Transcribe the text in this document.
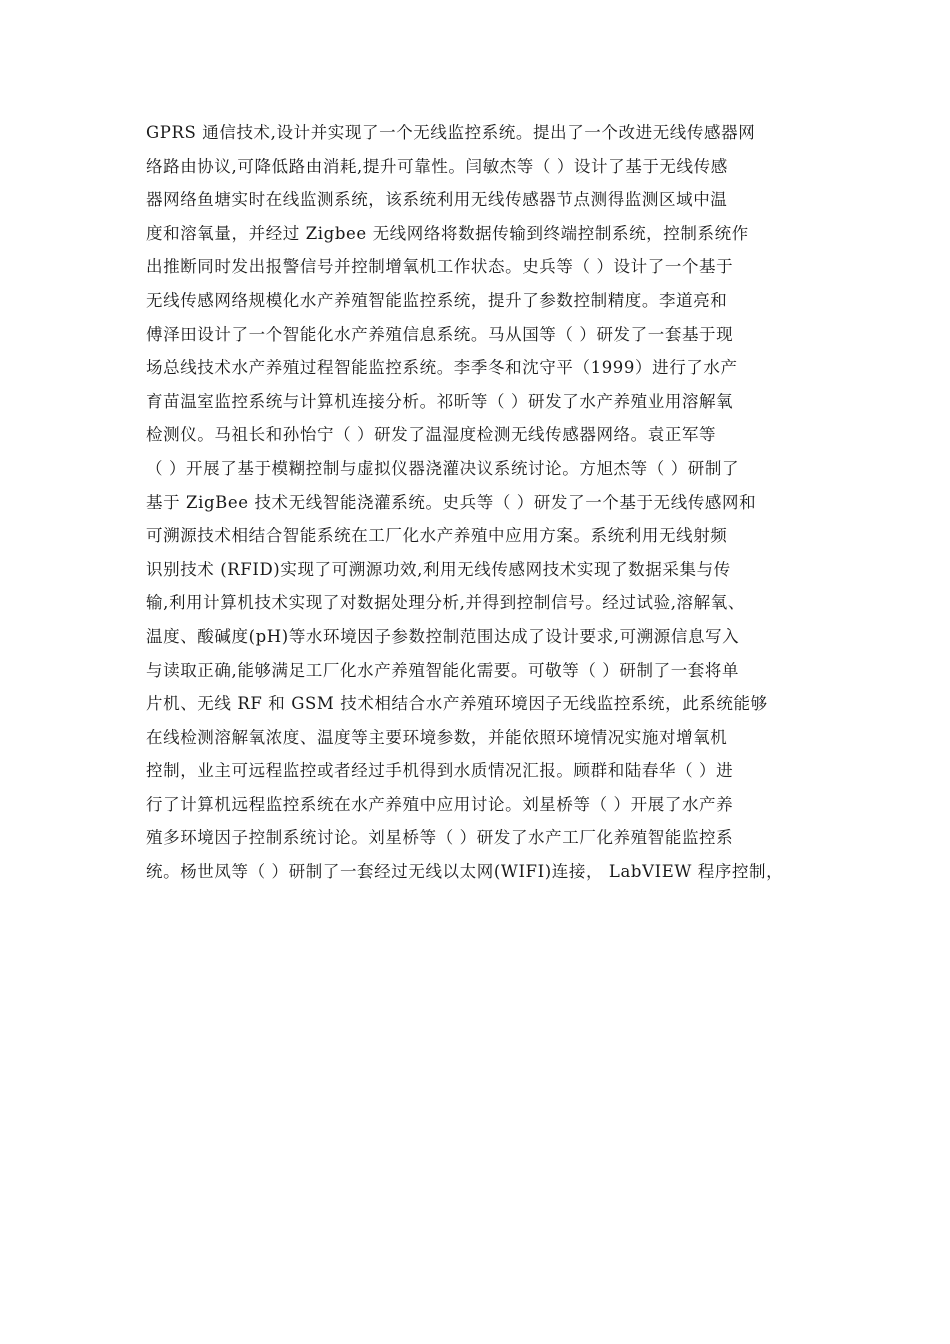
GPRS 通信技术,设计并实现了一个无线监控系统。提出了一个改进无线传感器网
络路由协议,可降低路由消耗,提升可靠性。闫敏杰等（ ）设计了基于无线传感
器网络鱼塘实时在线监测系统，该系统利用无线传感器节点测得监测区域中温
度和溶氧量，并经过 Zigbee 无线网络将数据传输到终端控制系统，控制系统作
出推断同时发出报警信号并控制增氧机工作状态。史兵等（ ）设计了一个基于
无线传感网络规模化水产养殖智能监控系统，提升了参数控制精度。李道亮和
傅泽田设计了一个智能化水产养殖信息系统。马从国等（ ）研发了一套基于现
场总线技术水产养殖过程智能监控系统。李季冬和沈守平（1999）进行了水产
育苗温室监控系统与计算机连接分析。祁昕等（ ）研发了水产养殖业用溶解氧
检测仪。马祖长和孙怡宁（ ）研发了温湿度检测无线传感器网络。袁正军等
（ ）开展了基于模糊控制与虚拟仪器浇灌决议系统讨论。方旭杰等（ ）研制了
基于 ZigBee 技术无线智能浇灌系统。史兵等（ ）研发了一个基于无线传感网和
可溯源技术相结合智能系统在工厂化水产养殖中应用方案。系统利用无线射频
识别技术 (RFID)实现了可溯源功效,利用无线传感网技术实现了数据采集与传
输,利用计算机技术实现了对数据处理分析,并得到控制信号。经过试验,溶解氧、
温度、酸碱度(pH)等水环境因子参数控制范围达成了设计要求,可溯源信息写入
与读取正确,能够满足工厂化水产养殖智能化需要。可敬等（ ）研制了一套将单
片机、无线 RF 和 GSM 技术相结合水产养殖环境因子无线监控系统，此系统能够
在线检测溶解氧浓度、温度等主要环境参数，并能依照环境情况实施对增氧机
控制，业主可远程监控或者经过手机得到水质情况汇报。顾群和陆春华（ ）进
行了计算机远程监控系统在水产养殖中应用讨论。刘星桥等（ ）开展了水产养
殖多环境因子控制系统讨论。刘星桥等（ ）研发了水产工厂化养殖智能监控系
统。杨世凤等（ ）研制了一套经过无线以太网(WIFI)连接， LabVIEW 程序控制，
